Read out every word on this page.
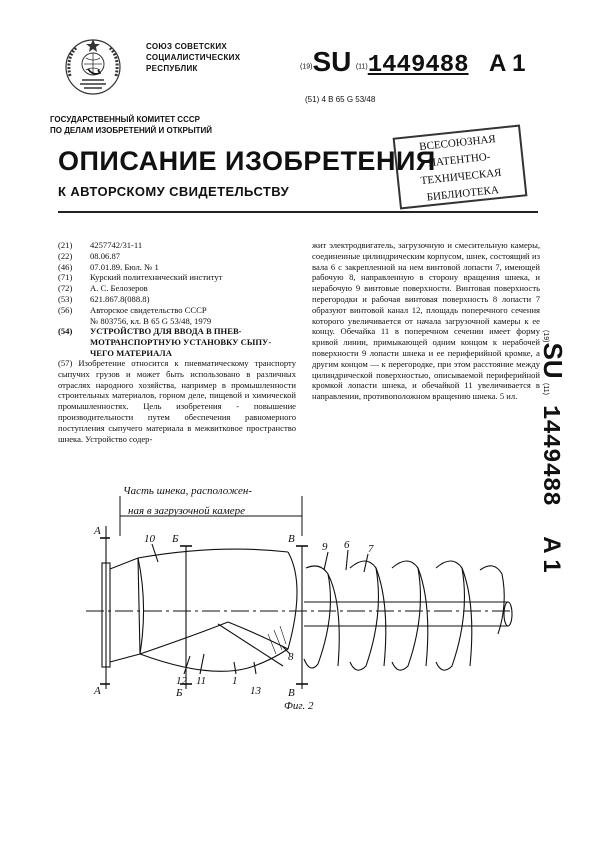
СОЮЗ СОВЕТСКИХ
СОЦИАЛИСТИЧЕСКИХ
РЕСПУБЛИК	(19)SU (11)1449488 A 1
(51) 4 B 65 G 53/48
ГОСУДАРСТВЕННЫЙ КОМИТЕТ СССР
ПО ДЕЛАМ ИЗОБРЕТЕНИЙ И ОТКРЫТИЙ
ВСЕСОЮЗНАЯ
ПАТЕНТНО-ТЕХНИЧЕСКАЯ
БИБЛИОТЕКА
ОПИСАНИЕ ИЗОБРЕТЕНИЯ
К АВТОРСКОМУ СВИДЕТЕЛЬСТВУ
(21) 4257742/31-11
(22) 08.06.87
(46) 07.01.89. Бюл. № 1
(71) Курский политехнический институт
(72) А. С. Белозеров
(53) 621.867.8(088.8)
(56) Авторское свидетельство СССР
№ 803756, кл. B 65 G 53/48, 1979
(54) УСТРОЙСТВО ДЛЯ ВВОДА В ПНЕВ-
МОТРАНСПОРТНУЮ УСТАНОВКУ СЫПУ-
ЧЕГО МАТЕРИАЛА
(57) Изобретение относится к пневматическому транспорту сыпучих грузов и может быть использовано в различных отраслях народного хозяйства, например в промышленности строительных материалов, горном деле, пищевой и химической промышленностях. Цель изобретения - повышение производительности путем обеспечения равномерного поступления сыпучего материала в межвитковое пространство шнека. Устройство содер-
жит электродвигатель, загрузочную и смесительную камеры, соединенные цилиндрическим корпусом, шнек, состоящий из вала 6 с закрепленной на нем винтовой лопасти 7, имеющей рабочую 8, направленную в сторону вращения шнека, и нерабочую 9 винтовые поверхности. Винтовая поверхность перегородки и рабочая винтовая поверхность 8 лопасти 7 образуют винтовой канал 12, площадь поперечного сечения которого увеличивается от начала загрузочной камеры к ее концу. Обечайка 11 в поперечном сечении имеет форму кривой линии, примыкающей одним концом к нерабочей поверхности 9 лопасти шнека и ее периферийной кромке, а другим концом — к перегородке, при этом расстояние между цилиндрической поверхностью, описываемой периферийной кромкой лопасти шнека, и обечайкой 11 увеличивается в направлении, противоположном вращению шнека. 5 ил.
(19)SU (11)1449488 A 1
Часть шнека, расположен-
ная в загрузочной камере
А
Б	В
А	Б	В
10
9 6 7
8
12 11 1
13
Фиг. 2
